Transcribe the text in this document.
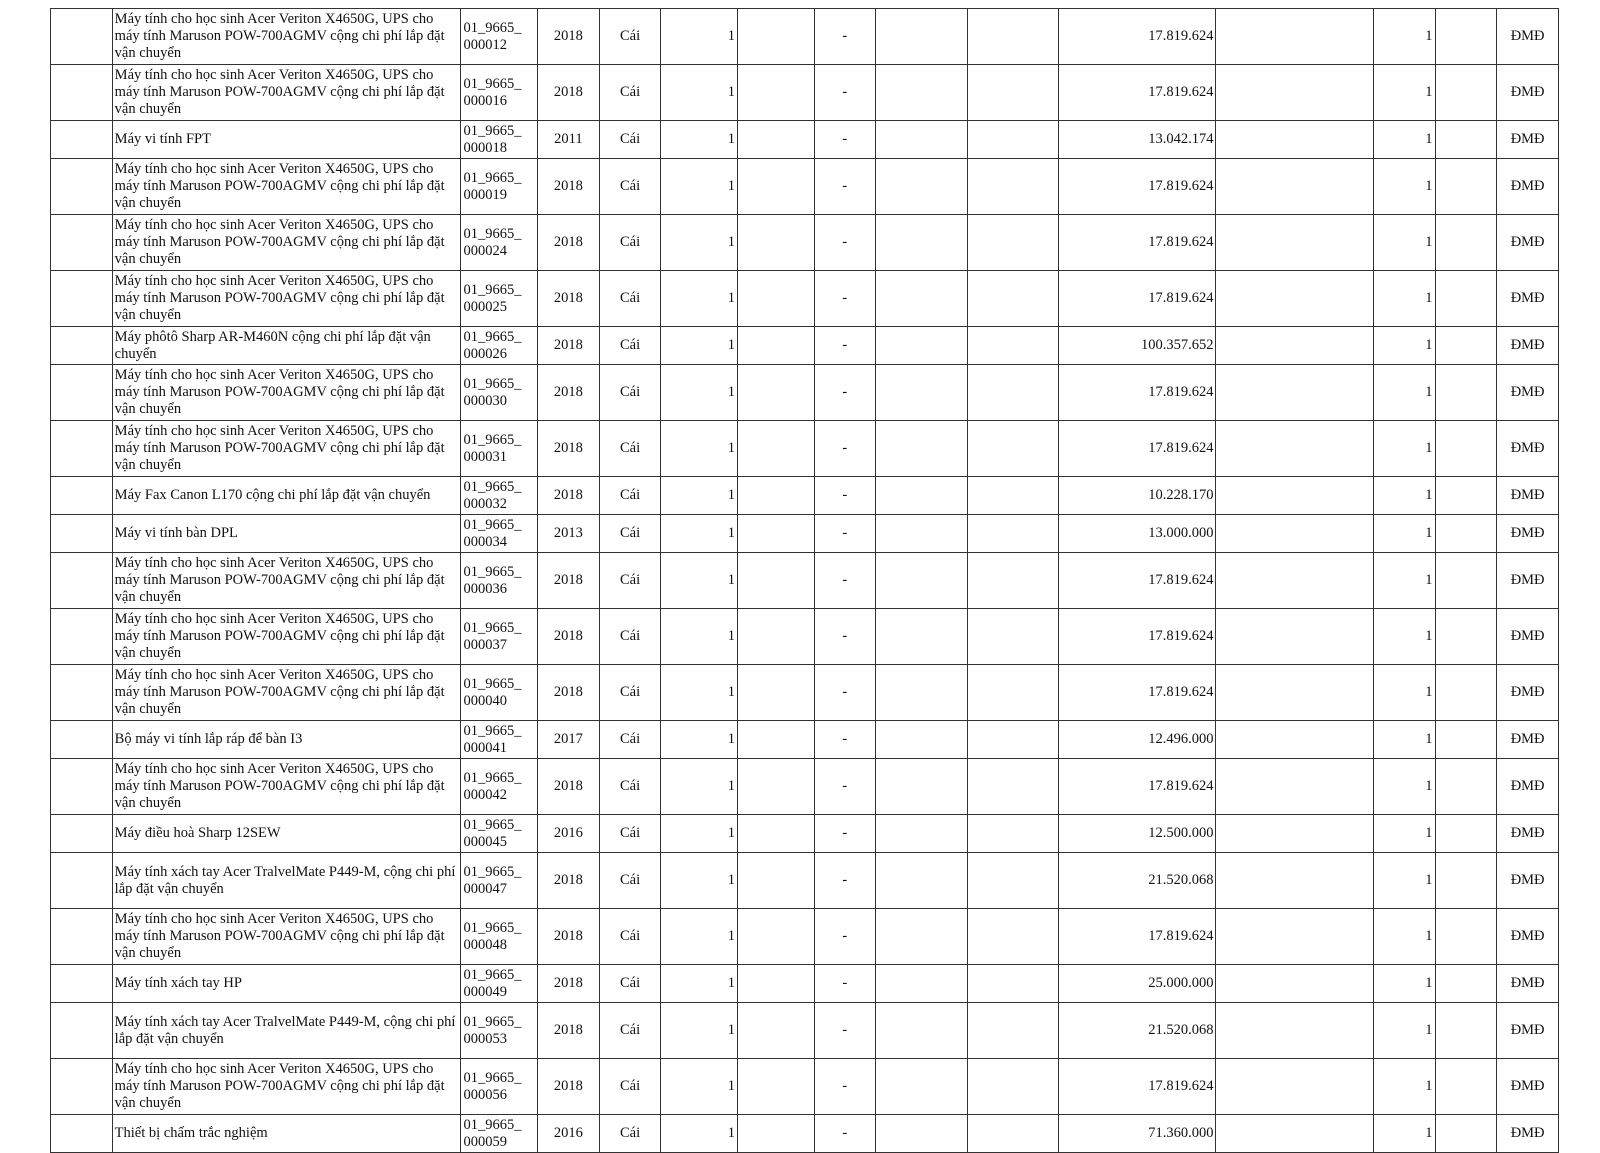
	Máy tính cho học sinh Acer Veriton X4650G, UPS cho máy tính Maruson POW-700AGMV cộng chi phí lắp đặt vận chuyển	01_9665_
000012	2018	Cái	1		-			17.819.624		1		ĐMĐ
	Máy tính cho học sinh Acer Veriton X4650G, UPS cho máy tính Maruson POW-700AGMV cộng chi phí lắp đặt vận chuyển	01_9665_
000016	2018	Cái	1		-			17.819.624		1		ĐMĐ
	Máy vi tính FPT	01_9665_
000018	2011	Cái	1		-			13.042.174		1		ĐMĐ
	Máy tính cho học sinh Acer Veriton X4650G, UPS cho máy tính Maruson POW-700AGMV cộng chi phí lắp đặt vận chuyển	01_9665_
000019	2018	Cái	1		-			17.819.624		1		ĐMĐ
	Máy tính cho học sinh Acer Veriton X4650G, UPS cho máy tính Maruson POW-700AGMV cộng chi phí lắp đặt vận chuyển	01_9665_
000024	2018	Cái	1		-			17.819.624		1		ĐMĐ
	Máy tính cho học sinh Acer Veriton X4650G, UPS cho máy tính Maruson POW-700AGMV cộng chi phí lắp đặt vận chuyển	01_9665_
000025	2018	Cái	1		-			17.819.624		1		ĐMĐ
	Máy phôtô Sharp AR-M460N cộng chi phí lắp đặt vận chuyển	01_9665_
000026	2018	Cái	1		-			100.357.652		1		ĐMĐ
	Máy tính cho học sinh Acer Veriton X4650G, UPS cho máy tính Maruson POW-700AGMV cộng chi phí lắp đặt vận chuyển	01_9665_
000030	2018	Cái	1		-			17.819.624		1		ĐMĐ
	Máy tính cho học sinh Acer Veriton X4650G, UPS cho máy tính Maruson POW-700AGMV cộng chi phí lắp đặt vận chuyển	01_9665_
000031	2018	Cái	1		-			17.819.624		1		ĐMĐ
	Máy Fax Canon L170 cộng chi phí lắp đặt vận chuyển	01_9665_
000032	2018	Cái	1		-			10.228.170		1		ĐMĐ
	Máy vi tính bàn DPL	01_9665_
000034	2013	Cái	1		-			13.000.000		1		ĐMĐ
	Máy tính cho học sinh Acer Veriton X4650G, UPS cho máy tính Maruson POW-700AGMV cộng chi phí lắp đặt vận chuyển	01_9665_
000036	2018	Cái	1		-			17.819.624		1		ĐMĐ
	Máy tính cho học sinh Acer Veriton X4650G, UPS cho máy tính Maruson POW-700AGMV cộng chi phí lắp đặt vận chuyển	01_9665_
000037	2018	Cái	1		-			17.819.624		1		ĐMĐ
	Máy tính cho học sinh Acer Veriton X4650G, UPS cho máy tính Maruson POW-700AGMV cộng chi phí lắp đặt vận chuyển	01_9665_
000040	2018	Cái	1		-			17.819.624		1		ĐMĐ
	Bộ máy vi tính lắp ráp để bàn I3	01_9665_
000041	2017	Cái	1		-			12.496.000		1		ĐMĐ
	Máy tính cho học sinh Acer Veriton X4650G, UPS cho máy tính Maruson POW-700AGMV cộng chi phí lắp đặt vận chuyển	01_9665_
000042	2018	Cái	1		-			17.819.624		1		ĐMĐ
	Máy điều hoà Sharp 12SEW	01_9665_
000045	2016	Cái	1		-			12.500.000		1		ĐMĐ
	Máy tính xách tay Acer TralvelMate P449-M, cộng chi phí lắp đặt vận chuyển	01_9665_
000047	2018	Cái	1		-			21.520.068		1		ĐMĐ
	Máy tính cho học sinh Acer Veriton X4650G, UPS cho máy tính Maruson POW-700AGMV cộng chi phí lắp đặt vận chuyển	01_9665_
000048	2018	Cái	1		-			17.819.624		1		ĐMĐ
	Máy tính xách tay HP	01_9665_
000049	2018	Cái	1		-			25.000.000		1		ĐMĐ
	Máy tính xách tay Acer TralvelMate P449-M, cộng chi phí lắp đặt vận chuyển	01_9665_
000053	2018	Cái	1		-			21.520.068		1		ĐMĐ
	Máy tính cho học sinh Acer Veriton X4650G, UPS cho máy tính Maruson POW-700AGMV cộng chi phí lắp đặt vận chuyển	01_9665_
000056	2018	Cái	1		-			17.819.624		1		ĐMĐ
	Thiết bị chấm trắc nghiệm	01_9665_
000059	2016	Cái	1		-			71.360.000		1		ĐMĐ
